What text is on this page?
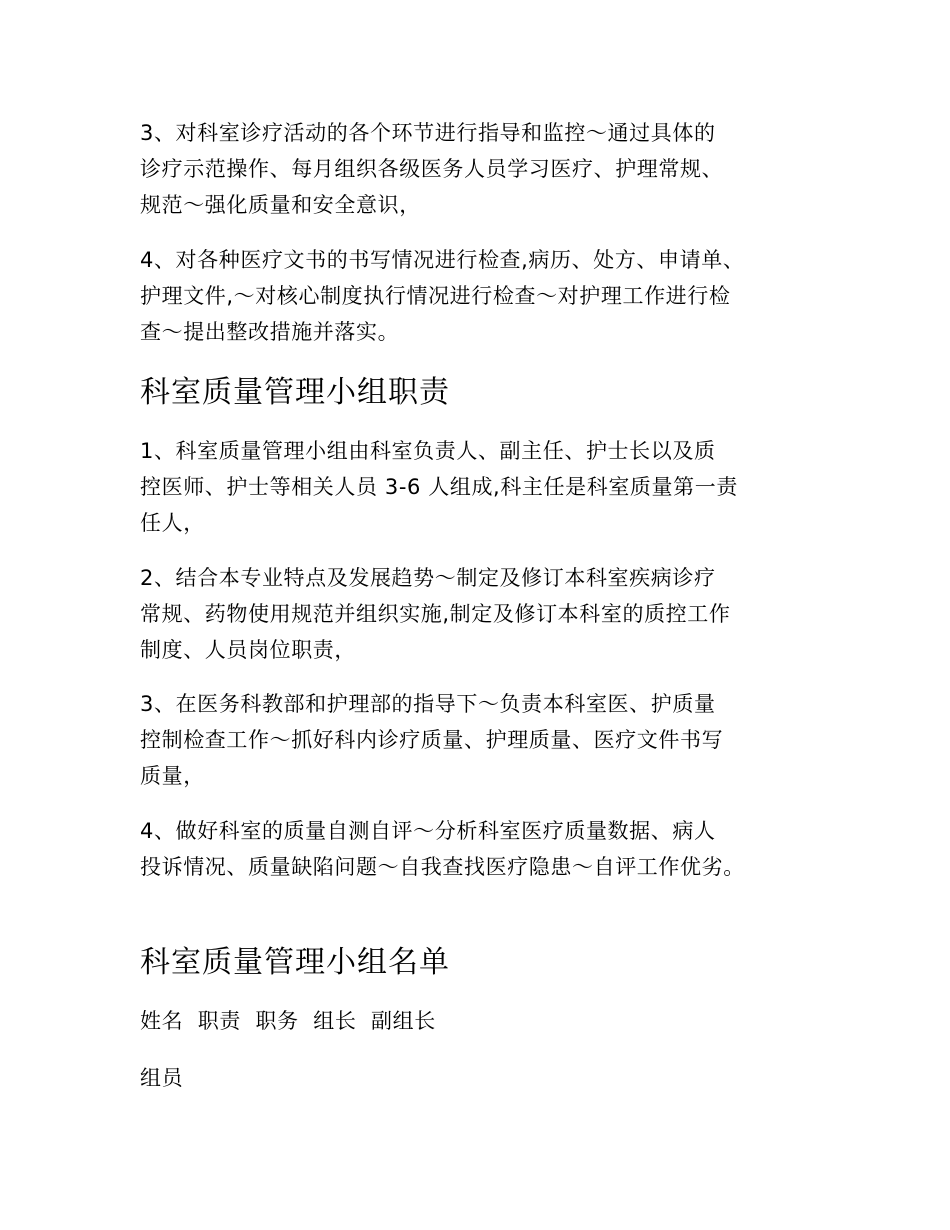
3、对科室诊疗活动的各个环节进行指导和监控～通过具体的
诊疗示范操作、每月组织各级医务人员学习医疗、护理常规、
规范～强化质量和安全意识，
4、对各种医疗文书的书写情况进行检查,病历、处方、申请单、
护理文件,～对核心制度执行情况进行检查～对护理工作进行检
查～提出整改措施并落实。
科室质量管理小组职责
1、科室质量管理小组由科室负责人、副主任、护士长以及质
控医师、护士等相关人员 3-6 人组成,科主任是科室质量第一责
任人，
2、结合本专业特点及发展趋势～制定及修订本科室疾病诊疗
常规、药物使用规范并组织实施,制定及修订本科室的质控工作
制度、人员岗位职责，
3、在医务科教部和护理部的指导下～负责本科室医、护质量
控制检查工作～抓好科内诊疗质量、护理质量、医疗文件书写
质量，
4、做好科室的质量自测自评～分析科室医疗质量数据、病人
投诉情况、质量缺陷问题～自我查找医疗隐患～自评工作优劣。
科室质量管理小组名单
姓名  职责  职务  组长  副组长
组员
